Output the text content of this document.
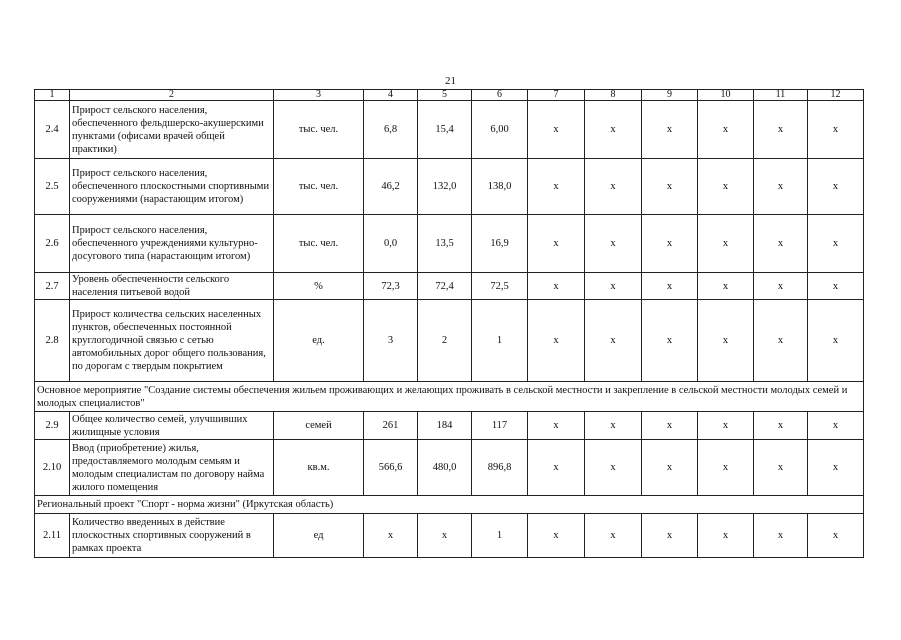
21
1	2	3	4	5	6	7	8	9	10	11	12
2.4	Прирост сельского населения, обеспеченного фельдшерско-акушерскими пунктами (офисами врачей общей практики)	тыс. чел.	6,8	15,4	6,00	x	x	x	x	x	x
2.5	Прирост сельского населения, обеспеченного плоскостными спортивными сооружениями (нарастающим итогом)	тыс. чел.	46,2	132,0	138,0	x	x	x	x	x	x
2.6	Прирост сельского населения, обеспеченного учреждениями культурно-досугового типа (нарастающим итогом)	тыс. чел.	0,0	13,5	16,9	x	x	x	x	x	x
2.7	Уровень обеспеченности сельского населения питьевой водой	%	72,3	72,4	72,5	x	x	x	x	x	x
2.8	Прирост количества сельских населенных пунктов, обеспеченных постоянной круглогодичной связью с сетью автомобильных дорог общего пользования, по дорогам с твердым покрытием	ед.	3	2	1	x	x	x	x	x	x
Основное мероприятие "Создание системы обеспечения жильем проживающих и желающих проживать в сельской местности и закрепление в сельской местности молодых семей и молодых специалистов"											
2.9	Общее количество семей, улучшивших жилищные условия	семей	261	184	117	x	x	x	x	x	x
2.10	Ввод (приобретение) жилья, предоставляемого молодым семьям и молодым специалистам по договору найма жилого помещения	кв.м.	566,6	480,0	896,8	x	x	x	x	x	x
Региональный проект "Спорт - норма жизни" (Иркутская область)											
2.11	Количество введенных в действие плоскостных спортивных сооружений в рамках проекта	ед	x	x	1	x	x	x	x	x	x
